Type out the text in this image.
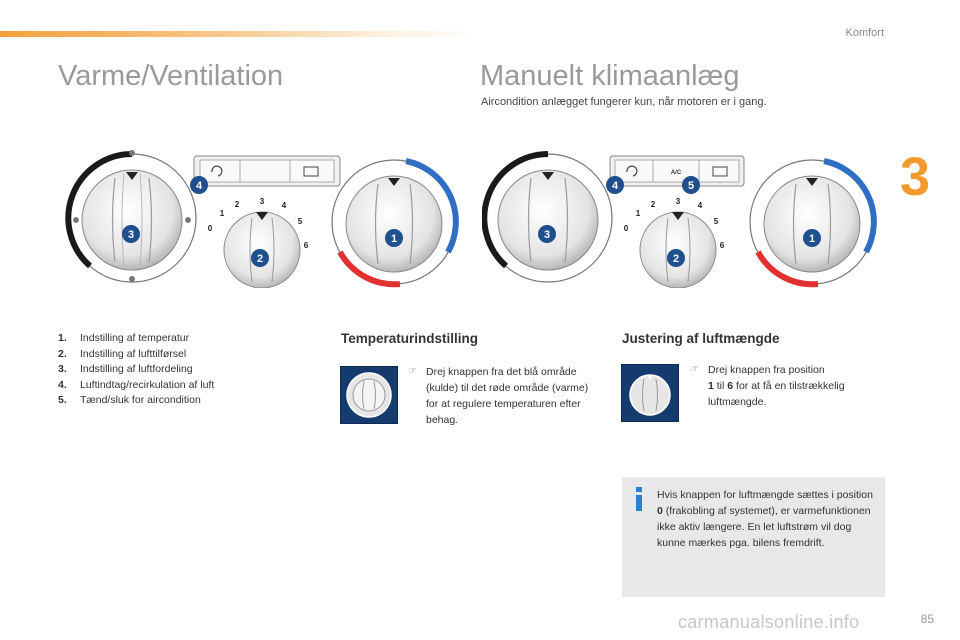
Komfort
3
Varme/Ventilation	Manuelt klimaanlæg

Aircondition anlægget fungerer kun, når motoren er i gang.

3
4
0
1
2	3 4
5
6
2
1	3
A/C
4	5
0
1
2	3 4
5
6
2
1
1. Indstilling af temperatur
2. Indstilling af lufttilførsel
3. Indstilling af luftfordeling
4. Luftindtag/recirkulation af luft
5. Tænd/sluk for aircondition
Temperaturindstilling
☞ Drej knappen fra det blå område (kulde) til det røde område (varme) for at regulere temperaturen efter behag.
Justering af luftmængde
☞ Drej knappen fra position
1 til 6 for at få en tilstrækkelig luftmængde.
Hvis knappen for luftmængde sættes i position 0 (frakobling af systemet), er varmefunktionen ikke aktiv længere. En let luftstrøm vil dog kunne mærkes pga. bilens fremdrift.
85
carmanualsonline.info
